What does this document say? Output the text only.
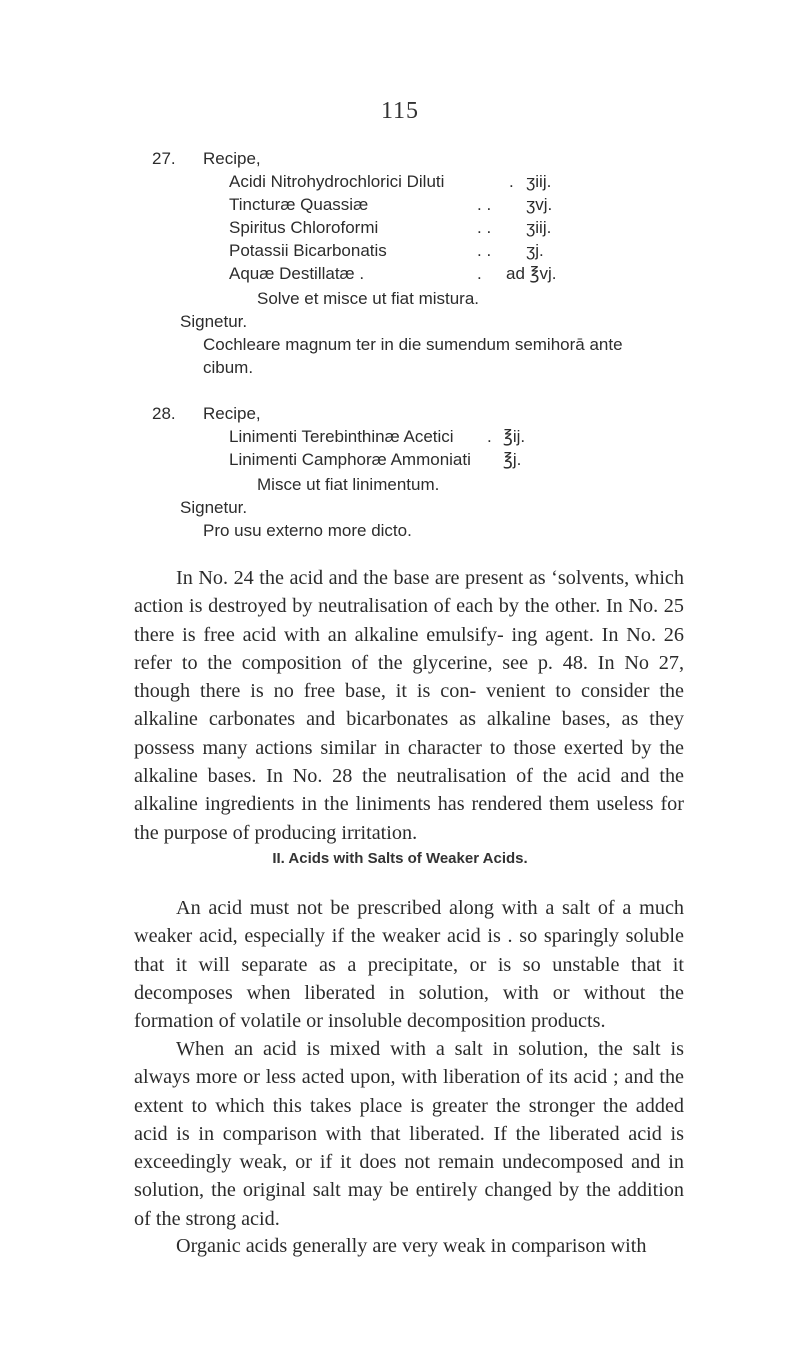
115
27. Recipe,
Acidi Nitrohydrochlorici Diluti	. ʒiij.
Tincturæ Quassiæ	. . ʒvj.
Spiritus Chloroformi	. . ʒiij.
Potassii Bicarbonatis	. . ʒj.
Aquæ Destillatæ .	. ad ℥vj.
Solve et misce ut fiat mistura.
Signetur.
Cochleare magnum ter in die sumendum semihorā ante
cibum.
28. Recipe,
Linimenti Terebinthinæ Acetici . ℥ij.
Linimenti Camphoræ Ammoniati ℥j.
Misce ut fiat linimentum.
Signetur.
Pro usu externo more dicto.

In No. 24 the acid and the base are present as ‘solvents, which action is destroyed by neutralisation of each by the other. In No. 25 there is free acid with an alkaline emulsify- ing agent. In No. 26 refer to the composition of the glycerine, see p. 48. In No 27, though there is no free base, it is con- venient to consider the alkaline carbonates and bicarbonates as alkaline bases, as they possess many actions similar in character to those exerted by the alkaline bases. In No. 28 the neutralisation of the acid and the alkaline ingredients in the liniments has rendered them useless for the purpose of producing irritation.

II. Acids with Salts of Weaker Acids.

An acid must not be prescribed along with a salt of a much weaker acid, especially if the weaker acid is . so sparingly soluble that it will separate as a precipitate, or is so unstable that it decomposes when liberated in solution, with or without the formation of volatile or insoluble decomposition products.

When an acid is mixed with a salt in solution, the salt is always more or less acted upon, with liberation of its acid ; and the extent to which this takes place is greater the stronger the added acid is in comparison with that liberated. If the liberated acid is exceedingly weak, or if it does not remain undecomposed and in solution, the original salt may be entirely changed by the addition of the strong acid.

Organic acids generally are very weak in comparison with
